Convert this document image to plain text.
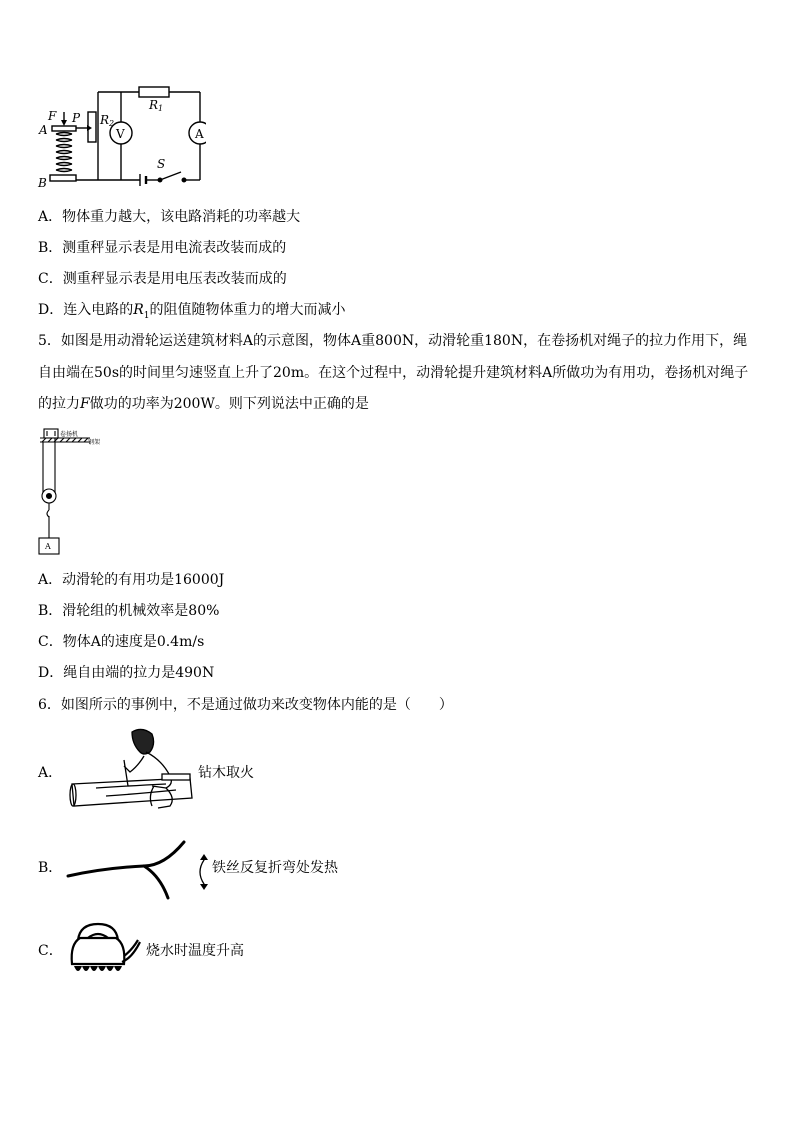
F P
A
B
R2
R1
V	A
S
A．物体重力越大，该电路消耗的功率越大
B．测重秤显示表是用电流表改装而成的
C．测重秤显示表是用电压表改装而成的
D．连入电路的$R_1$的阻值随物体重力的增大而减小
5．如图是用动滑轮运送建筑材料A的示意图，物体A重800N，动滑轮重180N，在卷扬机对绳子的拉力作用下，绳
自由端在50s的时间里匀速竖直上升了20m。在这个过程中，动滑轮提升建筑材料A所做功为有用功，卷扬机对绳子
的拉力F做功的功率为200W。则下列说法中正确的是
卷扬机
钢架
A
A．动滑轮的有用功是16000J
B．滑轮组的机械效率是80%
C．物体A的速度是0.4m/s
D．绳自由端的拉力是490N
6．如图所示的事例中，不是通过做功来改变物体内能的是（　　）
A．	钻木取火
B．	铁丝反复折弯处发热
C．	烧水时温度升高
